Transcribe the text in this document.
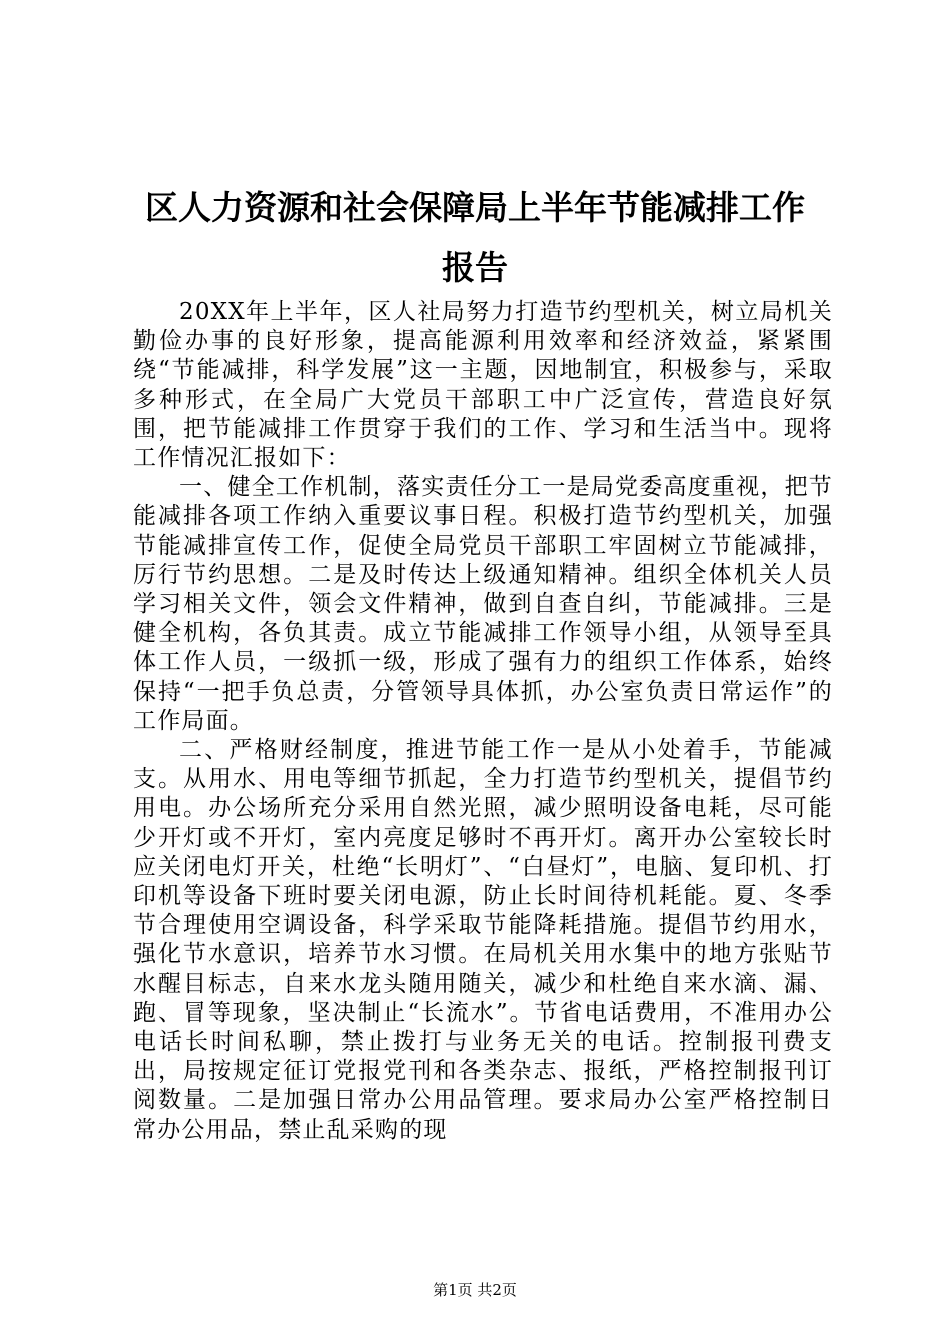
区人力资源和社会保障局上半年节能减排工作
报告

20XX年上半年，区人社局努力打造节约型机关，树立局机关勤俭办事的良好形象，提高能源利用效率和经济效益，紧紧围绕“节能减排，科学发展”这一主题，因地制宜，积极参与，采取多种形式，在全局广大党员干部职工中广泛宣传，营造良好氛围，把节能减排工作贯穿于我们的工作、学习和生活当中。现将工作情况汇报如下：

一、健全工作机制，落实责任分工一是局党委高度重视，把节能减排各项工作纳入重要议事日程。积极打造节约型机关，加强节能减排宣传工作，促使全局党员干部职工牢固树立节能减排，厉行节约思想。二是及时传达上级通知精神。组织全体机关人员学习相关文件，领会文件精神，做到自查自纠，节能减排。三是健全机构，各负其责。成立节能减排工作领导小组，从领导至具体工作人员，一级抓一级，形成了强有力的组织工作体系，始终保持“一把手负总责，分管领导具体抓，办公室负责日常运作”的工作局面。

二、严格财经制度，推进节能工作一是从小处着手，节能减支。从用水、用电等细节抓起，全力打造节约型机关，提倡节约用电。办公场所充分采用自然光照，减少照明设备电耗，尽可能少开灯或不开灯，室内亮度足够时不再开灯。离开办公室较长时应关闭电灯开关，杜绝“长明灯”、“白昼灯”，电脑、复印机、打印机等设备下班时要关闭电源，防止长时间待机耗能。夏、冬季节合理使用空调设备，科学采取节能降耗措施。提倡节约用水，强化节水意识，培养节水习惯。在局机关用水集中的地方张贴节水醒目标志，自来水龙头随用随关，减少和杜绝自来水滴、漏、跑、冒等现象，坚决制止“长流水”。节省电话费用，不准用办公电话长时间私聊，禁止拨打与业务无关的电话。控制报刊费支出，局按规定征订党报党刊和各类杂志、报纸，严格控制报刊订阅数量。二是加强日常办公用品管理。要求局办公室严格控制日常办公用品，禁止乱采购的现

第1页 共2页
